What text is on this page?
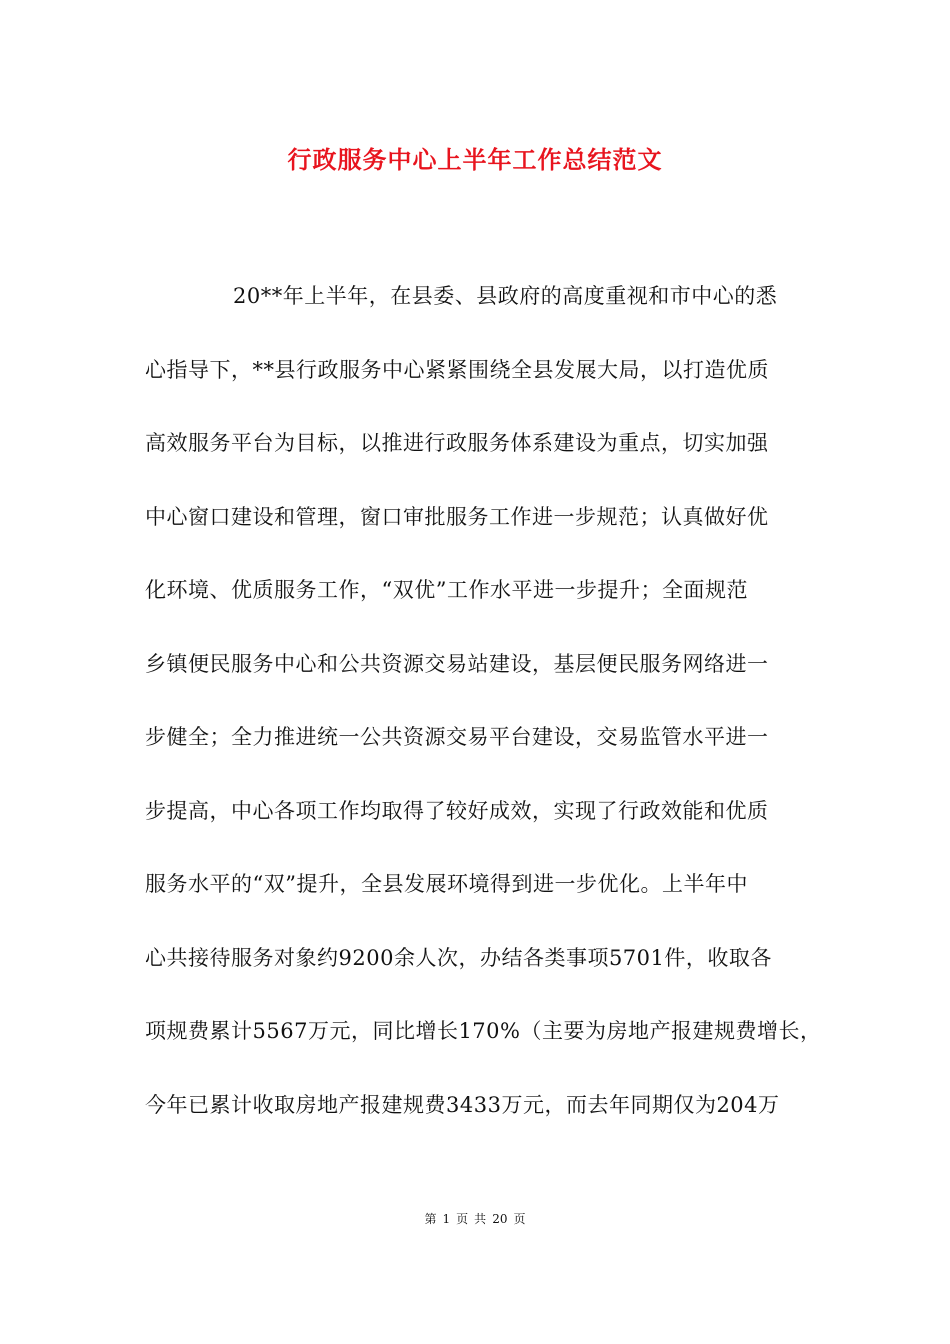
行政服务中心上半年工作总结范文
20**年上半年，在县委、县政府的高度重视和市中心的悉
心指导下，**县行政服务中心紧紧围绕全县发展大局，以打造优质
高效服务平台为目标，以推进行政服务体系建设为重点，切实加强
中心窗口建设和管理，窗口审批服务工作进一步规范；认真做好优
化环境、优质服务工作，“双优”工作水平进一步提升；全面规范
乡镇便民服务中心和公共资源交易站建设，基层便民服务网络进一
步健全；全力推进统一公共资源交易平台建设，交易监管水平进一
步提高，中心各项工作均取得了较好成效，实现了行政效能和优质
服务水平的“双”提升，全县发展环境得到进一步优化。上半年中
心共接待服务对象约9200余人次，办结各类事项5701件，收取各
项规费累计5567万元，同比增长170%（主要为房地产报建规费增长，
今年已累计收取房地产报建规费3433万元，而去年同期仅为204万
第 1 页 共 20 页
